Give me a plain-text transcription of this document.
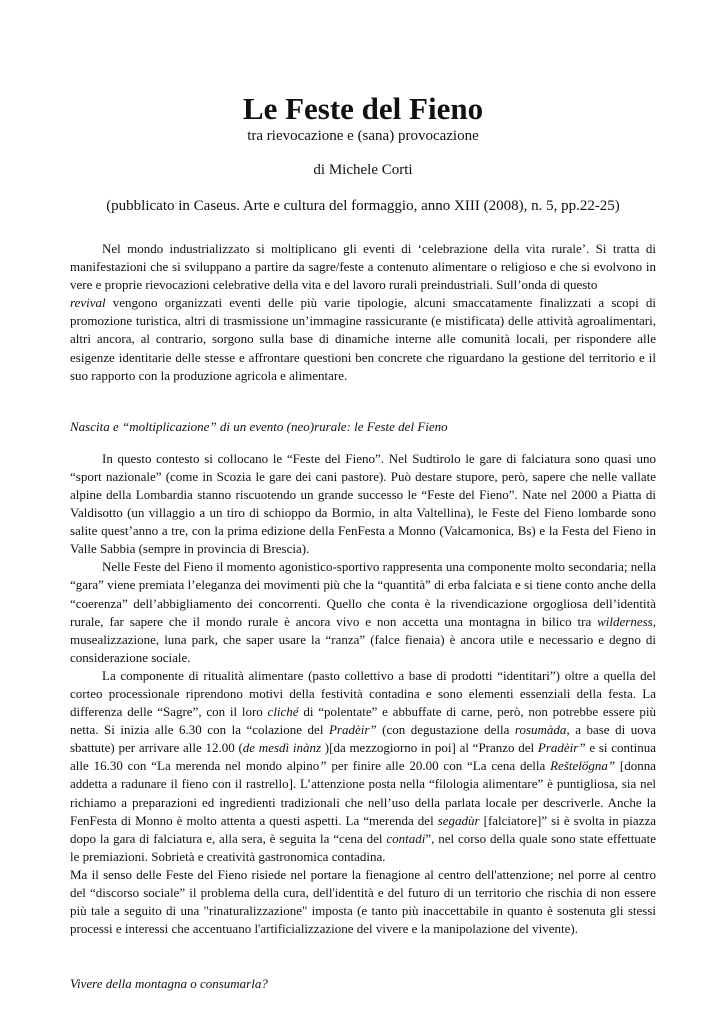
Le Feste del Fieno

tra rievocazione e (sana) provocazione

di Michele Corti

(pubblicato in Caseus. Arte e cultura del formaggio, anno XIII (2008), n. 5, pp.22-25)

Nel mondo industrializzato si moltiplicano gli eventi di ‘celebrazione della vita rurale’. Si tratta di manifestazioni che si sviluppano a partire da sagre/feste a contenuto alimentare o religioso e che si evolvono in vere e proprie rievocazioni celebrative della vita e del lavoro rurali preindustriali. Sull’onda di questo
revival vengono organizzati eventi delle più varie tipologie, alcuni smaccatamente finalizzati a scopi di promozione turistica, altri di trasmissione un’immagine rassicurante (e mistificata) delle attività agroalimentari, altri ancora, al contrario, sorgono sulla base di dinamiche interne alle comunità locali, per rispondere alle esigenze identitarie delle stesse e affrontare questioni ben concrete che riguardano la gestione del territorio e il suo rapporto con la produzione agricola e alimentare.

Nascita e “moltiplicazione” di un evento (neo)rurale: le Feste del Fieno

In questo contesto si collocano le “Feste del Fieno”. Nel Sudtirolo le gare di falciatura sono quasi uno “sport nazionale” (come in Scozia le gare dei cani pastore). Può destare stupore, però, sapere che nelle vallate alpine della Lombardia stanno riscuotendo un grande successo le “Feste del Fieno”. Nate nel 2000 a Piatta di Valdisotto (un villaggio a un tiro di schioppo da Bormio, in alta Valtellina), le Feste del Fieno lombarde sono salite quest’anno a tre, con la prima edizione della FenFesta a Monno (Valcamonica, Bs) e la Festa del Fieno in Valle Sabbia (sempre in provincia di Brescia).

Nelle Feste del Fieno il momento agonistico-sportivo rappresenta una componente molto secondaria; nella “gara” viene premiata l’eleganza dei movimenti più che la “quantità” di erba falciata e si tiene conto anche della “coerenza” dell’abbigliamento dei concorrenti. Quello che conta è la rivendicazione orgogliosa dell’identità rurale, far sapere che il mondo rurale è ancora vivo e non accetta una montagna in bilico tra wilderness, musealizzazione, luna park, che saper usare la “ranza” (falce fienaia) è ancora utile e necessario e degno di considerazione sociale.

La componente di ritualità alimentare (pasto collettivo a base di prodotti “identitari”) oltre a quella del corteo processionale riprendono motivi della festività contadina e sono elementi essenziali della festa. La differenza delle “Sagre”, con il loro cliché di “polentate” e abbuffate di carne, però, non potrebbe essere più netta. Si inizia alle 6.30 con la “colazione del Pradèir” (con degustazione della rosumàda, a base di uova sbattute) per arrivare alle 12.00 (de mesdì inànz )[da mezzogiorno in poi] al “Pranzo del Pradèir” e si continua alle 16.30 con “La merenda nel mondo alpino” per finire alle 20.00 con “La cena della Reštelögna” [donna addetta a radunare il fieno con il rastrello]. L’attenzione posta nella “filologia alimentare” è puntigliosa, sia nel richiamo a preparazioni ed ingredienti tradizionali che nell’uso della parlata locale per descriverle. Anche la FenFesta di Monno è molto attenta a questi aspetti. La “merenda del segadùr [falciatore]” si è svolta in piazza dopo la gara di falciatura e, alla sera, è seguita la “cena del contadi”, nel corso della quale sono state effettuate le premiazioni. Sobrietà e creatività gastronomica contadina.

Ma il senso delle Feste del Fieno risiede nel portare la fienagione al centro dell'attenzione; nel porre al centro del “discorso sociale” il problema della cura, dell'identità e del futuro di un territorio che rischia di non essere più tale a seguito di una "rinaturalizzazione" imposta (e tanto più inaccettabile in quanto è sostenuta gli stessi processi e interessi che accentuano l'artificializzazione del vivere e la manipolazione del vivente).

Vivere della montagna o consumarla?
